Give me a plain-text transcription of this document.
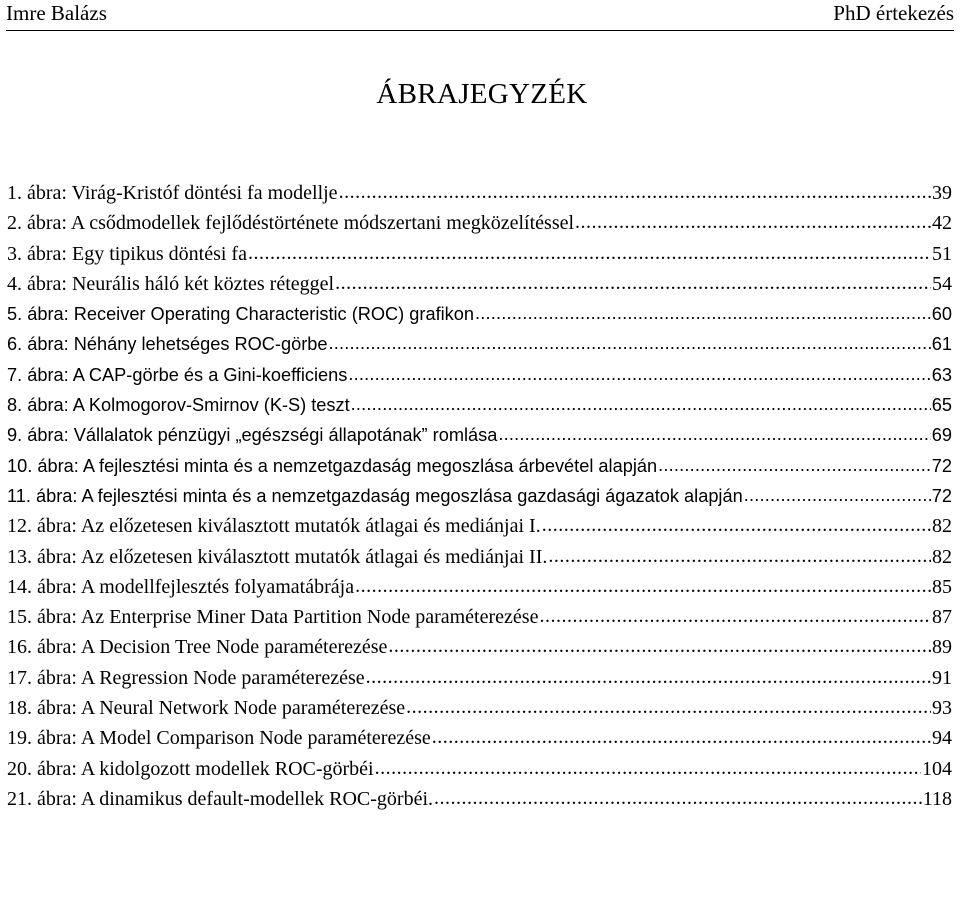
Imre Balázs	PhD értekezés
ÁBRAJEGYZÉK
1. ábra: Virág-Kristóf döntési fa modellje .....	39
2. ábra: A csődmodellek fejlődéstörténete módszertani megközelítéssel .....	42
3. ábra: Egy tipikus döntési fa .....	51
4. ábra: Neurális háló két köztes réteggel .....	54
5. ábra: Receiver Operating Characteristic (ROC) grafikon .....	60
6. ábra: Néhány lehetséges ROC-görbe .....	61
7. ábra: A CAP-görbe és a Gini-koefficiens .....	63
8. ábra: A Kolmogorov-Smirnov (K-S) teszt .....	65
9. ábra: Vállalatok pénzügyi „egészségi állapotának” romlása .....	69
10. ábra: A fejlesztési minta és a nemzetgazdaság megoszlása árbevétel alapján .....	72
11. ábra: A fejlesztési minta és a nemzetgazdaság megoszlása gazdasági ágazatok alapján .....	72
12. ábra: Az előzetesen kiválasztott mutatók átlagai és mediánjai I. .....	82
13. ábra: Az előzetesen kiválasztott mutatók átlagai és mediánjai II. .....	82
14. ábra: A modellfejlesztés folyamatábrája .....	85
15. ábra: Az Enterprise Miner Data Partition Node paraméterezése .....	87
16. ábra: A Decision Tree Node paraméterezése .....	89
17. ábra: A Regression Node paraméterezése .....	91
18. ábra: A Neural Network Node paraméterezése .....	93
19. ábra: A Model Comparison Node paraméterezése .....	94
20. ábra: A kidolgozott modellek ROC-görbéi .....	104
21. ábra: A dinamikus default-modellek ROC-görbéi. .....	118
